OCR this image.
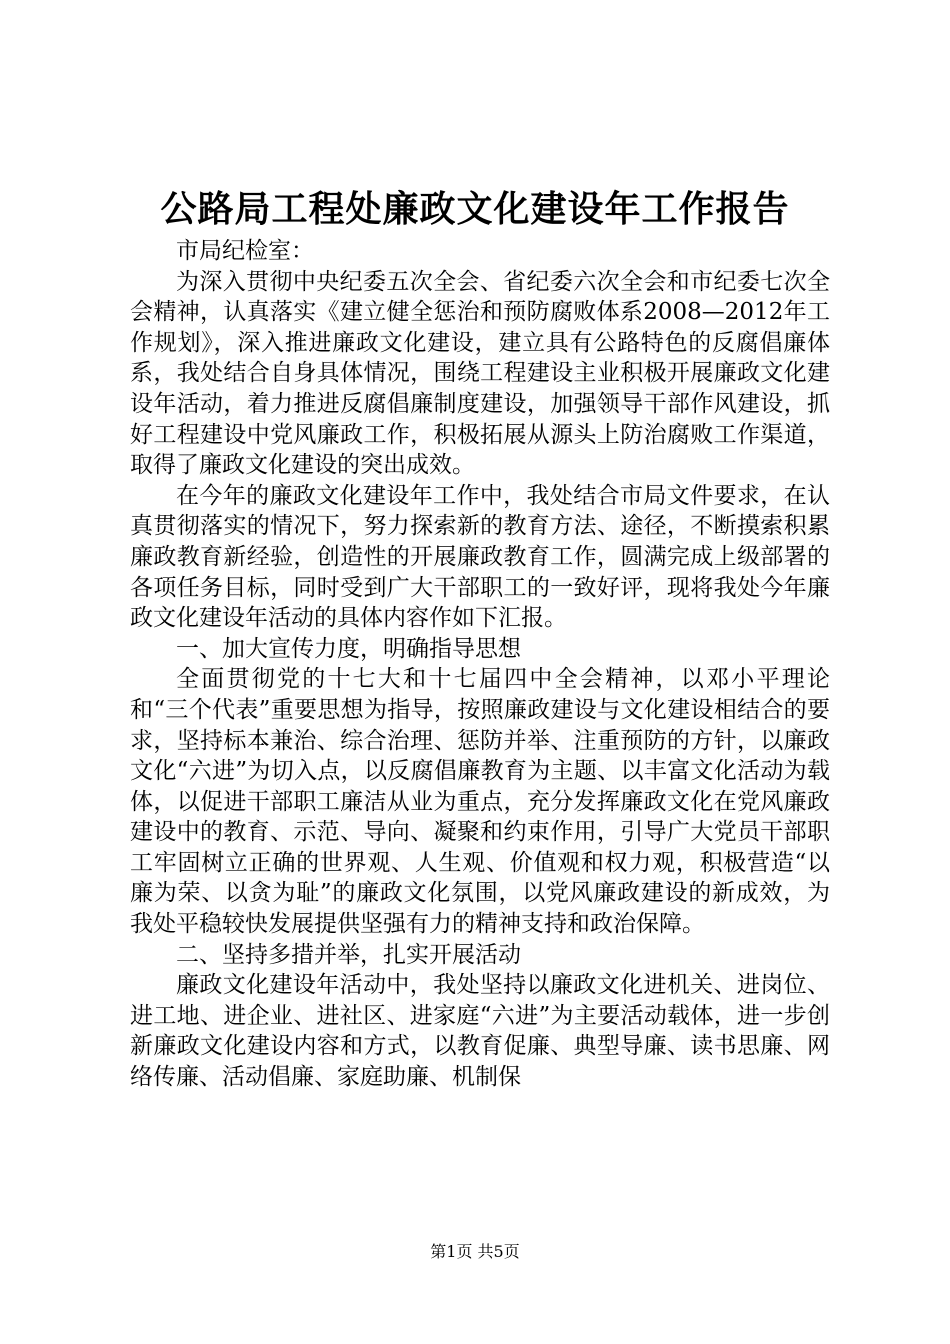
公路局工程处廉政文化建设年工作报告

市局纪检室：

为深入贯彻中央纪委五次全会、省纪委六次全会和市纪委七次全会精神，认真落实《建立健全惩治和预防腐败体系2008—2012年工作规划》，深入推进廉政文化建设，建立具有公路特色的反腐倡廉体系，我处结合自身具体情况，围绕工程建设主业积极开展廉政文化建设年活动，着力推进反腐倡廉制度建设，加强领导干部作风建设，抓好工程建设中党风廉政工作，积极拓展从源头上防治腐败工作渠道，取得了廉政文化建设的突出成效。

在今年的廉政文化建设年工作中，我处结合市局文件要求，在认真贯彻落实的情况下，努力探索新的教育方法、途径，不断摸索积累廉政教育新经验，创造性的开展廉政教育工作，圆满完成上级部署的各项任务目标，同时受到广大干部职工的一致好评，现将我处今年廉政文化建设年活动的具体内容作如下汇报。

一、加大宣传力度，明确指导思想

全面贯彻党的十七大和十七届四中全会精神，以邓小平理论和“三个代表”重要思想为指导，按照廉政建设与文化建设相结合的要求，坚持标本兼治、综合治理、惩防并举、注重预防的方针，以廉政文化“六进”为切入点，以反腐倡廉教育为主题、以丰富文化活动为载体，以促进干部职工廉洁从业为重点，充分发挥廉政文化在党风廉政建设中的教育、示范、导向、凝聚和约束作用，引导广大党员干部职工牢固树立正确的世界观、人生观、价值观和权力观，积极营造“以廉为荣、以贪为耻”的廉政文化氛围，以党风廉政建设的新成效，为我处平稳较快发展提供坚强有力的精神支持和政治保障。

二、坚持多措并举，扎实开展活动

廉政文化建设年活动中，我处坚持以廉政文化进机关、进岗位、进工地、进企业、进社区、进家庭“六进”为主要活动载体，进一步创新廉政文化建设内容和方式，以教育促廉、典型导廉、读书思廉、网络传廉、活动倡廉、家庭助廉、机制保

第1页 共5页
